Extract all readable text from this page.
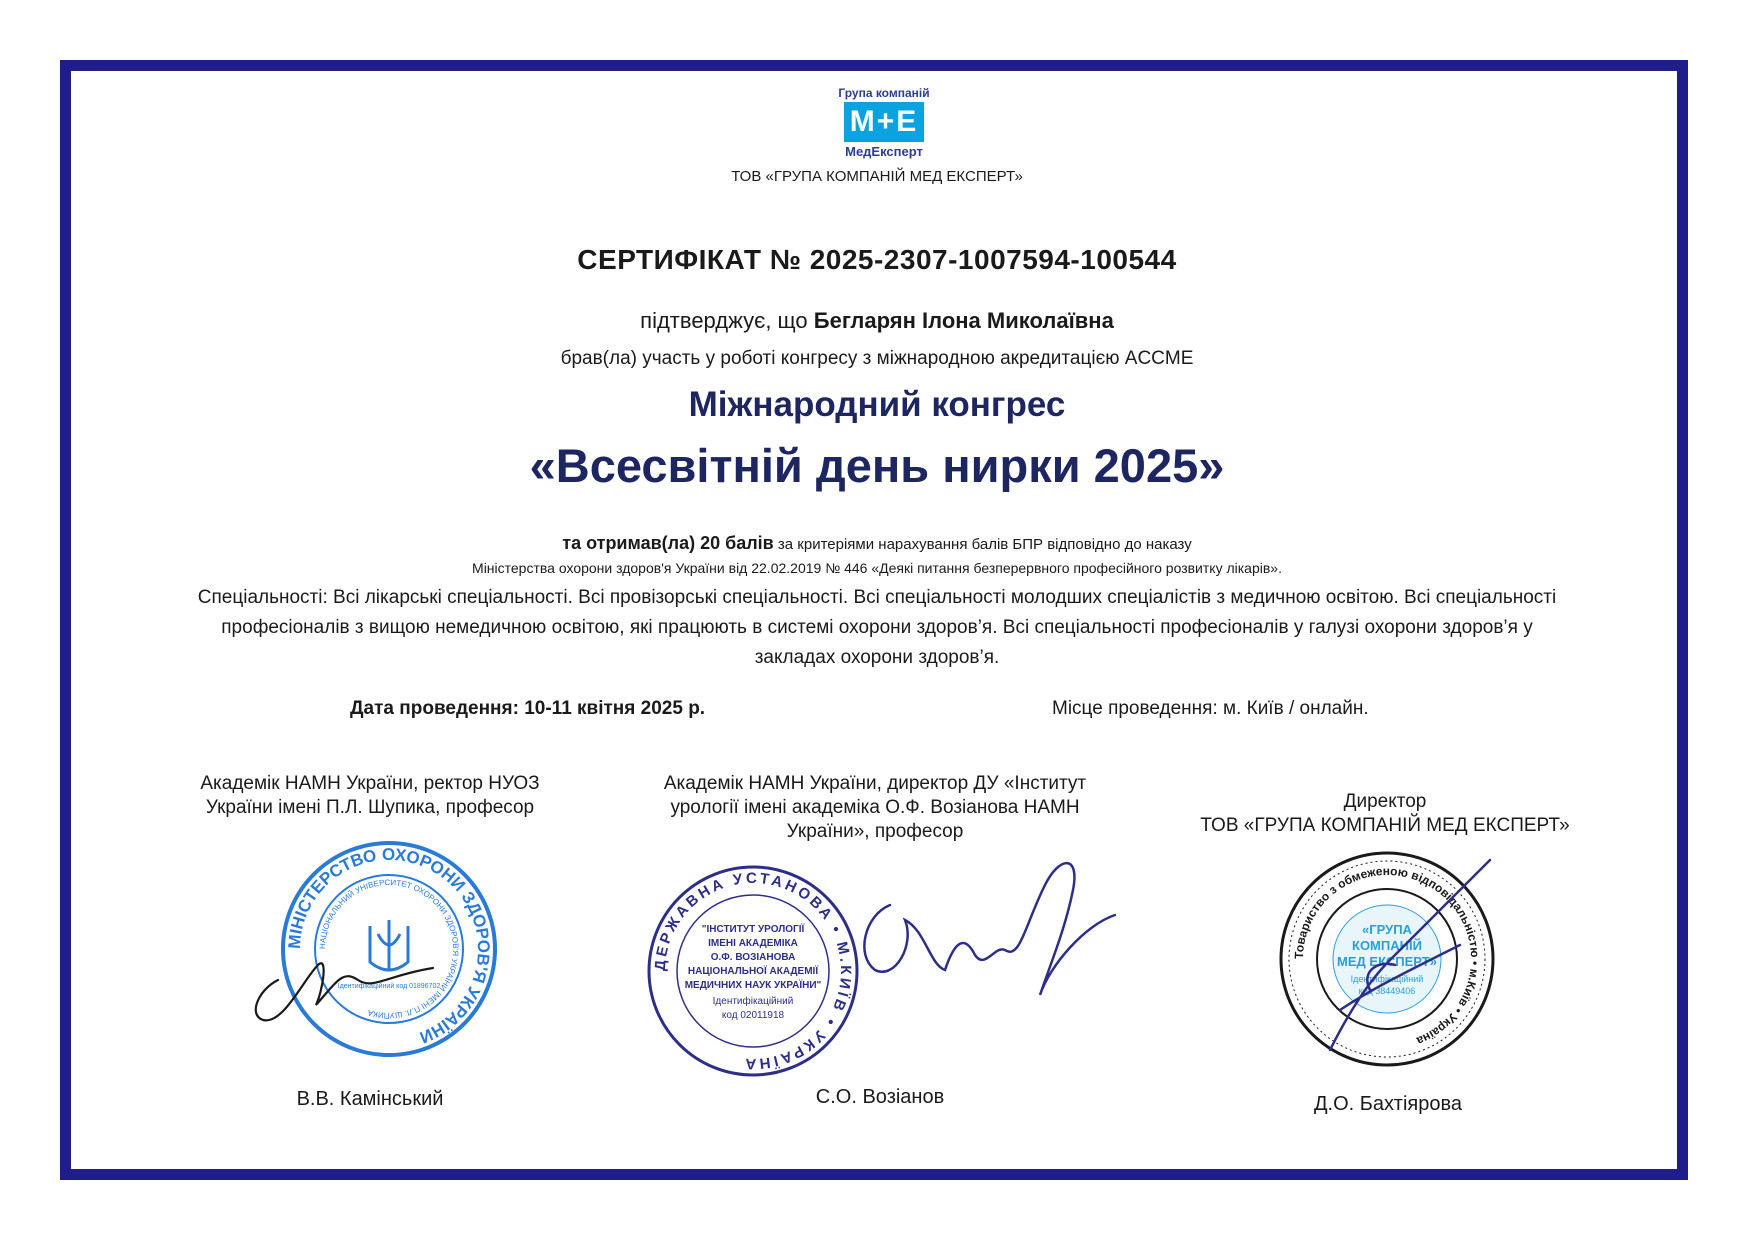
Група компаній
M+E
МедЕксперт
ТОВ «ГРУПА КОМПАНІЙ МЕД ЕКСПЕРТ»
СЕРТИФІКАТ № 2025-2307-1007594-100544
підтверджує, що Бегларян Ілона Миколаївна
брав(ла) участь у роботі конгресу з міжнародною акредитацією ACCME
Міжнародний конгрес
«Всесвітній день нирки 2025»
та отримав(ла) 20 балів за критеріями нарахування балів БПР відповідно до наказу
Міністерства охорони здоров'я України від 22.02.2019 № 446 «Деякі питання безперервного професійного розвитку лікарів».
Спеціальності: Всі лікарські спеціальності. Всі провізорські спеціальності. Всі спеціальності молодших спеціалістів з медичною освітою. Всі спеціальності професіоналів з вищою немедичною освітою, які працюють в системі охорони здоров’я. Всі спеціальності професіоналів у галузі охорони здоров’я у закладах охорони здоров’я.
Дата проведення: 10-11 квітня 2025 р.	Місце проведення: м. Київ / онлайн.
Академік НАМН України, ректор НУОЗ
України імені П.Л. Шупика, професор
МІНІСТЕРСТВО ОХОРОНИ ЗДОРОВ'Я УКРАЇНИ
НАЦІОНАЛЬНИЙ УНІВЕРСИТЕТ ОХОРОНИ ЗДОРОВ'Я УКРАЇНИ ІМЕНІ П.Л. ШУПИКА
Ідентифікаційний код 01896702
В.В. Камінський
Академік НАМН України, директор ДУ «Інститут
урології імені академіка О.Ф. Возіанова НАМН
України», професор
ДЕРЖАВНА УСТАНОВА • М.КИЇВ • УКРАЇНА
"ІНСТИТУТ УРОЛОГІЇ
ІМЕНІ АКАДЕМІКА
О.Ф. ВОЗІАНОВА
НАЦІОНАЛЬНОЇ АКАДЕМІЇ
МЕДИЧНИХ НАУК УКРАЇНИ"
Ідентифікаційний
код 02011918
С.О. Возіанов
Директор
ТОВ «ГРУПА КОМПАНІЙ МЕД ЕКСПЕРТ»
Товариство з обмеженою відповідальністю • м.Київ • Україна
«ГРУПА
КОМПАНІЙ
МЕД ЕКСПЕРТ»
Ідентифікаційний
код 38449406
Д.О. Бахтіярова
